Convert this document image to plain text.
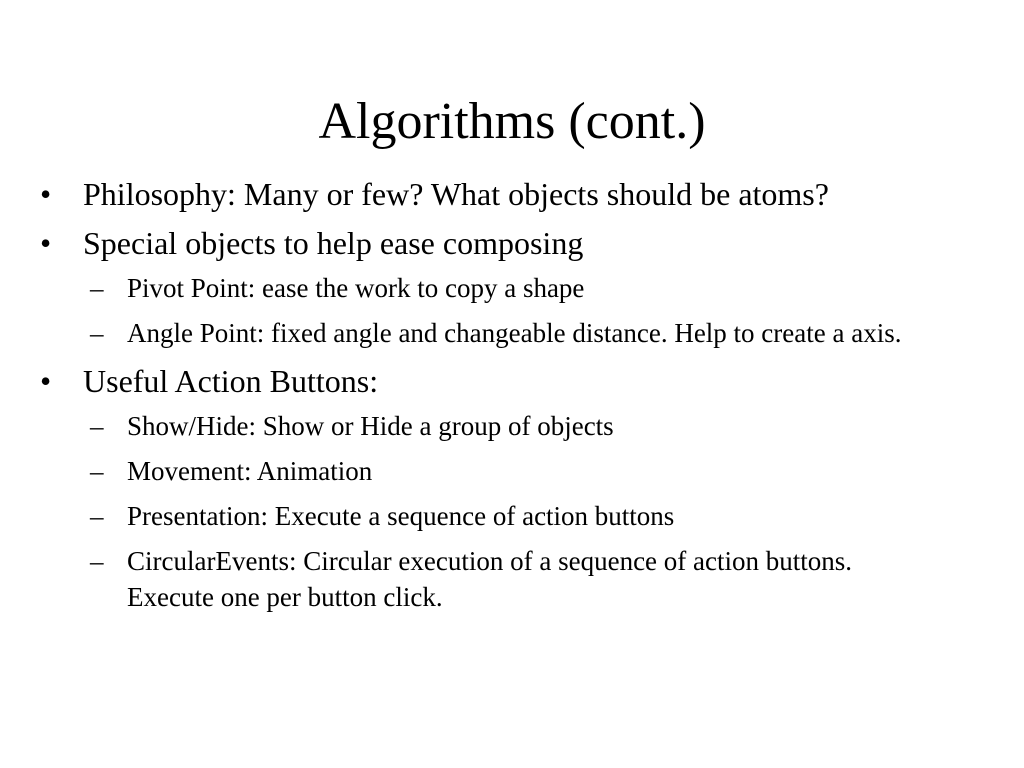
Algorithms (cont.)
• Philosophy: Many or few? What objects should be atoms?
• Special objects to help ease composing
– Pivot Point: ease the work to copy a shape
– Angle Point: fixed angle and changeable distance. Help to create a axis.
• Useful Action Buttons:
– Show/Hide: Show or Hide a group of objects
– Movement: Animation
– Presentation: Execute a sequence of action buttons
– CircularEvents: Circular execution of a sequence of action buttons. Execute one per button click.
